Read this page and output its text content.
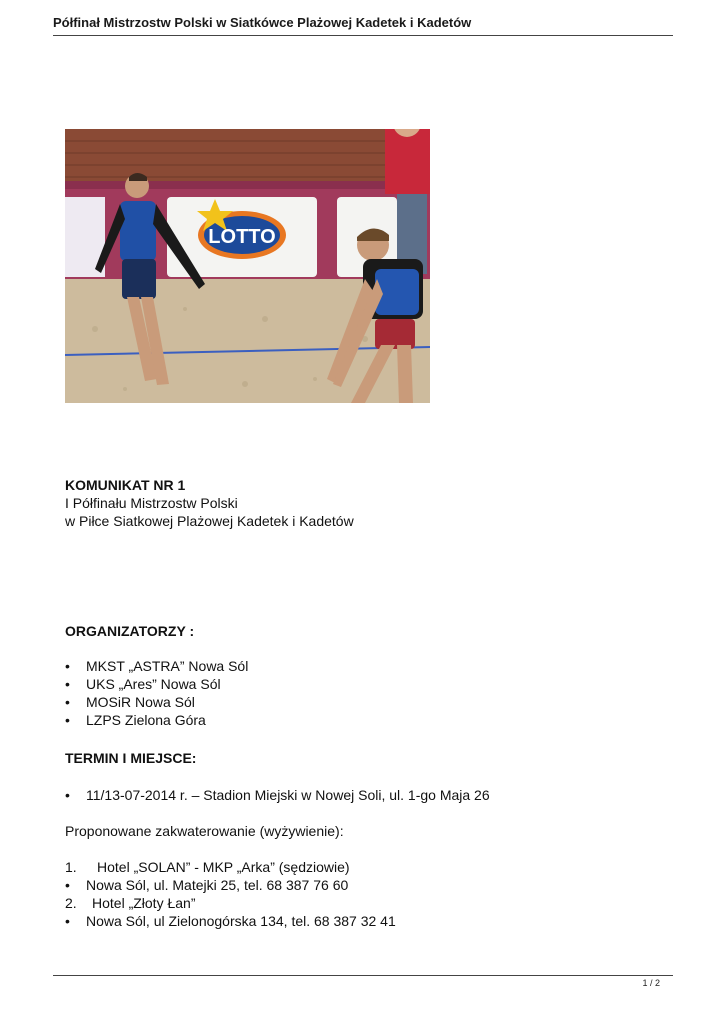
Półfinał Mistrzostw Polski w Siatkówce Plażowej Kadetek i Kadetów
LOTTO
KOMUNIKAT NR 1
I Półfinału Mistrzostw Polski
w Piłce Siatkowej Plażowej Kadetek i Kadetów
ORGANIZATORZY :
•	MKST „ASTRA” Nowa Sól
•	UKS „Ares” Nowa Sól
•	MOSiR Nowa Sól
•	LZPS Zielona Góra
TERMIN I MIEJSCE:
•	11/13-07-2014 r. – Stadion Miejski w Nowej Soli, ul. 1-go Maja 26
Proponowane zakwaterowanie (wyżywienie):
1.	Hotel „SOLAN” - MKP „Arka” (sędziowie)
•	Nowa Sól, ul. Matejki 25, tel. 68 387 76 60
2.	Hotel „Złoty Łan”
•	Nowa Sól, ul Zielonogórska 134, tel. 68 387 32 41
1 / 2
